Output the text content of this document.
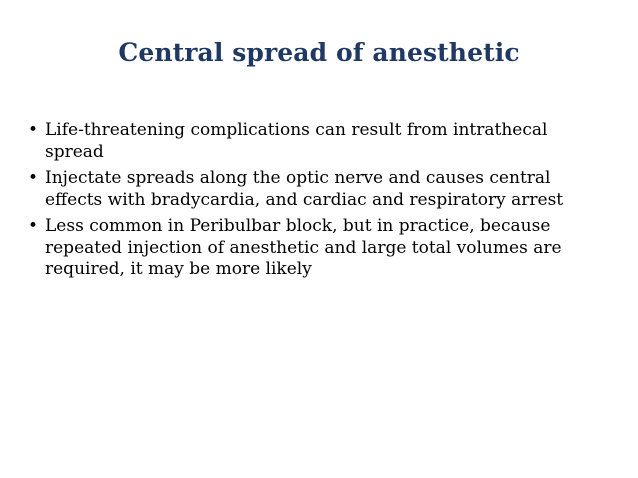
Central spread of anesthetic
• Life-threatening complications can result from intrathecal spread
• Injectate spreads along the optic nerve and causes central effects with bradycardia, and cardiac and respiratory arrest
• Less common in Peribulbar block, but in practice, because repeated injection of anesthetic and large total volumes are required, it may be more likely
